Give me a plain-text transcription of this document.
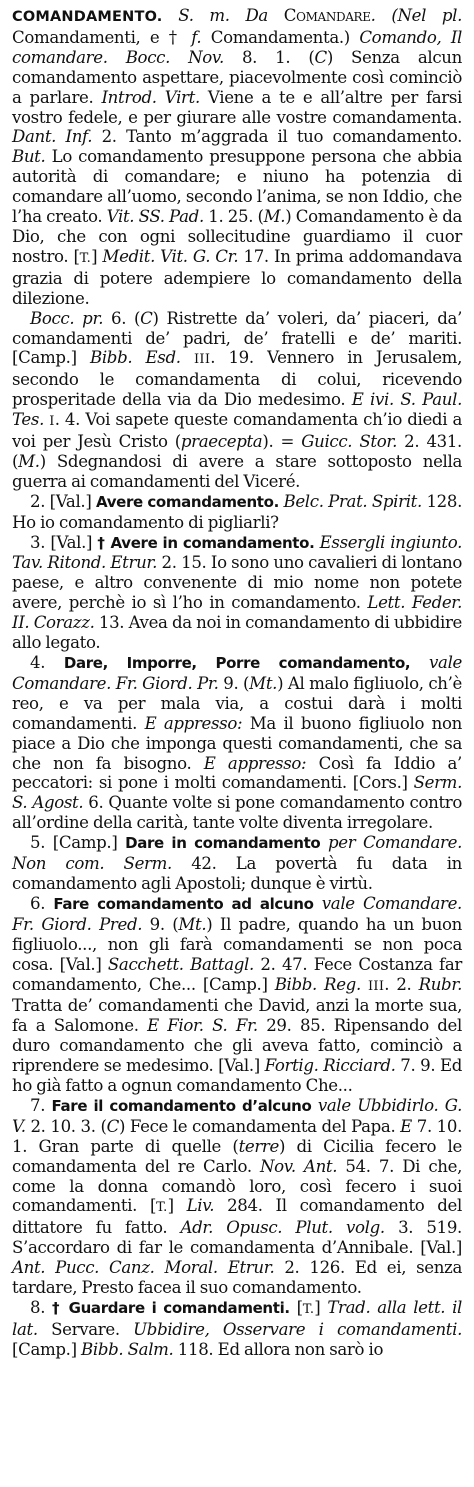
COMANDAMENTO. S. m. Da Comandare. (Nel pl. Comandamenti, e † f. Comandamenta.) Comando, Il comandare. Bocc. Nov. 8. 1. (C) Senza alcun comandamento aspettare, piacevolmente così cominciò a parlare. Introd. Virt. Viene a te e all’altre per farsi vostro fedele, e per giurare alle vostre comandamenta. Dant. Inf. 2. Tanto m’aggrada il tuo comandamento. But. Lo comandamento presuppone persona che abbia autorità di comandare; e niuno ha potenzia di comandare all’uomo, secondo l’anima, se non Iddio, che l’ha creato. Vit. SS. Pad. 1. 25. (M.) Comandamento è da Dio, che con ogni sollecitudine guardiamo il cuor nostro. [T.] Medit. Vit. G. Cr. 17. In prima addomandava grazia di potere adempiere lo comandamento della dilezione.

Bocc. pr. 6. (C) Ristrette da’ voleri, da’ piaceri, da’ comandamenti de’ padri, de’ fratelli e de’ mariti. [Camp.] Bibb. Esd. III. 19. Vennero in Jerusalem, secondo le comandamenta di colui, ricevendo prosperitade della via da Dio medesimo. E ivi. S. Paul. Tes. I. 4. Voi sapete queste comandamenta ch’io diedi a voi per Jesù Cristo (praecepta). = Guicc. Stor. 2. 431. (M.) Sdegnandosi di avere a stare sottoposto nella guerra ai comandamenti del Viceré.

2. [Val.] Avere comandamento. Belc. Prat. Spirit. 128. Ho io comandamento di pigliarli?

3. [Val.] † Avere in comandamento. Essergli ingiunto. Tav. Ritond. Etrur. 2. 15. Io sono uno cavalieri di lontano paese, e altro convenente di mio nome non potete avere, perchè io sì l’ho in comandamento. Lett. Feder. II. Corazz. 13. Avea da noi in comandamento di ubbidire allo legato.

4. Dare, Imporre, Porre comandamento, vale Comandare. Fr. Giord. Pr. 9. (Mt.) Al malo figliuolo, ch’è reo, e va per mala via, a costui darà i molti comandamenti. E appresso: Ma il buono figliuolo non piace a Dio che imponga questi comandamenti, che sa che non fa bisogno. E appresso: Così fa Iddio a’ peccatori: si pone i molti comandamenti. [Cors.] Serm. S. Agost. 6. Quante volte si pone comandamento contro all’ordine della carità, tante volte diventa irregolare.

5. [Camp.] Dare in comandamento per Comandare. Non com. Serm. 42. La povertà fu data in comandamento agli Apostoli; dunque è virtù.

6. Fare comandamento ad alcuno vale Comandare. Fr. Giord. Pred. 9. (Mt.) Il padre, quando ha un buon figliuolo..., non gli farà comandamenti se non poca cosa. [Val.] Sacchett. Battagl. 2. 47. Fece Costanza far comandamento, Che... [Camp.] Bibb. Reg. III. 2. Rubr. Tratta de’ comandamenti che David, anzi la morte sua, fa a Salomone. E Fior. S. Fr. 29. 85. Ripensando del duro comandamento che gli aveva fatto, cominciò a riprendere se medesimo. [Val.] Fortig. Ricciard. 7. 9. Ed ho già fatto a ognun comandamento Che...

7. Fare il comandamento d’alcuno vale Ubbidirlo. G. V. 2. 10. 3. (C) Fece le comandamenta del Papa. E 7. 10. 1. Gran parte di quelle (terre) di Cicilia fecero le comandamenta del re Carlo. Nov. Ant. 54. 7. Di che, come la donna comandò loro, così fecero i suoi comandamenti. [T.] Liv. 284. Il comandamento del dittatore fu fatto. Adr. Opusc. Plut. volg. 3. 519. S’accordaro di far le comandamenta d’Annibale. [Val.] Ant. Pucc. Canz. Moral. Etrur. 2. 126. Ed ei, senza tardare, Presto facea il suo comandamento.

8. † Guardare i comandamenti. [T.] Trad. alla lett. il lat. Servare. Ubbidire, Osservare i comandamenti. [Camp.] Bibb. Salm. 118. Ed allora non sarò io
